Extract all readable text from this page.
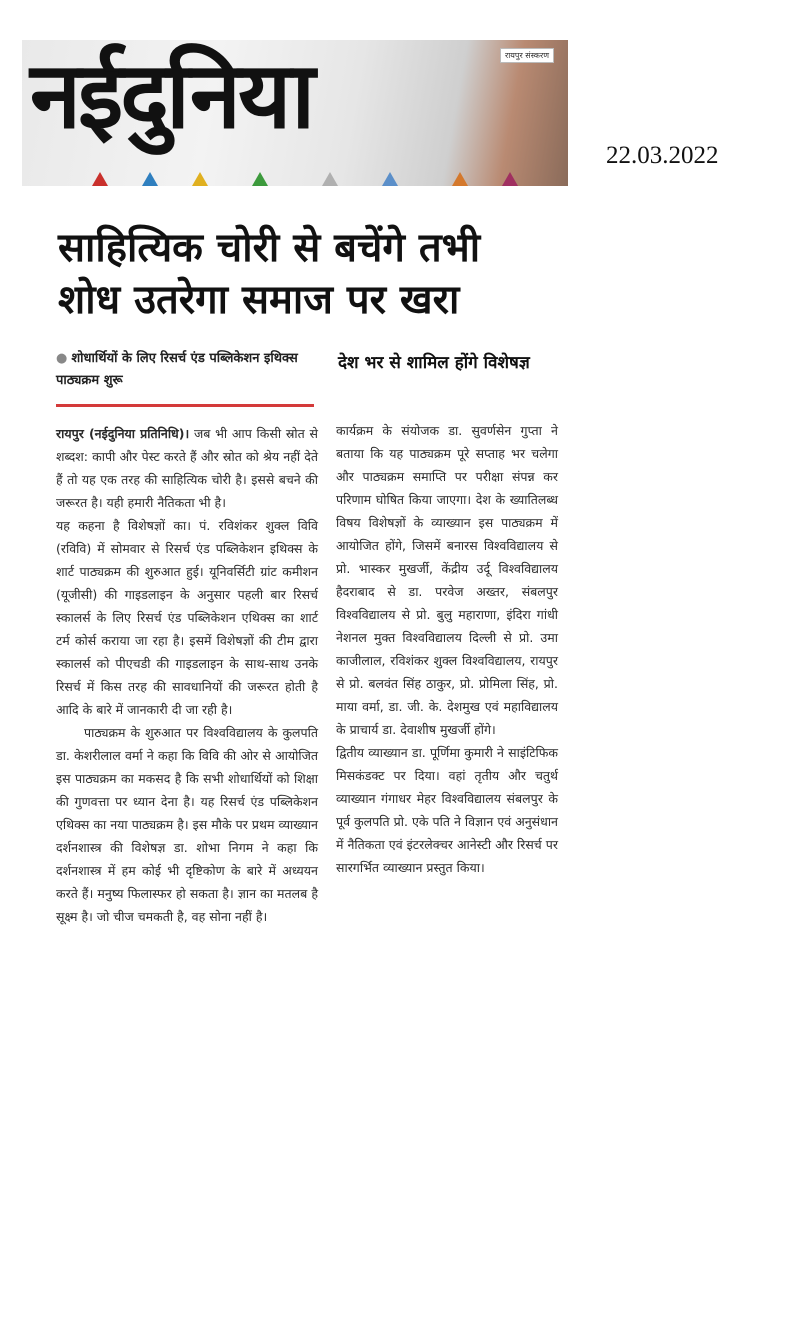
रायपुर संस्करण
नईदुनिया
22.03.2022
साहित्यिक चोरी से बचेंगे तभी शोध उतरेगा समाज पर खरा
● शोधार्थियों के लिए रिसर्च एंड पब्लिकेशन इथिक्स पाठ्यक्रम शुरू
देश भर से शामिल होंगे विशेषज्ञ

रायपुर (नईदुनिया प्रतिनिधि)। जब भी आप किसी स्रोत से शब्दश: कापी और पेस्ट करते हैं और स्रोत को श्रेय नहीं देते हैं तो यह एक तरह की साहित्यिक चोरी है। इससे बचने की जरूरत है। यही हमारी नैतिकता भी है।

यह कहना है विशेषज्ञों का। पं. रविशंकर शुक्ल विवि (रविवि) में सोमवार से रिसर्च एंड पब्लिकेशन इथिक्स के शार्ट पाठ्यक्रम की शुरुआत हुई। यूनिवर्सिटी ग्रांट कमीशन (यूजीसी) की गाइडलाइन के अनुसार पहली बार रिसर्च स्कालर्स के लिए रिसर्च एंड पब्लिकेशन एथिक्स का शार्ट टर्म कोर्स कराया जा रहा है। इसमें विशेषज्ञों की टीम द्वारा स्कालर्स को पीएचडी की गाइडलाइन के साथ-साथ उनके रिसर्च में किस तरह की सावधानियों की जरूरत होती है आदि के बारे में जानकारी दी जा रही है।

पाठ्यक्रम के शुरुआत पर विश्वविद्यालय के कुलपति डा. केशरीलाल वर्मा ने कहा कि विवि की ओर से आयोजित इस पाठ्यक्रम का मकसद है कि सभी शोधार्थियों को शिक्षा की गुणवत्ता पर ध्यान देना है। यह रिसर्च एंड पब्लिकेशन एथिक्स का नया पाठ्यक्रम है। इस मौके पर प्रथम व्याख्यान दर्शनशास्त्र की विशेषज्ञ डा. शोभा निगम ने कहा कि दर्शनशास्त्र में हम कोई भी दृष्टिकोण के बारे में अध्ययन करते हैं। मनुष्य फिलास्फर हो सकता है। ज्ञान का मतलब है सूक्ष्म है। जो चीज चमकती है, वह सोना नहीं है।

कार्यक्रम के संयोजक डा. सुवर्णसेन गुप्ता ने बताया कि यह पाठ्यक्रम पूरे सप्ताह भर चलेगा और पाठ्यक्रम समाप्ति पर परीक्षा संपन्न कर परिणाम घोषित किया जाएगा। देश के ख्यातिलब्ध विषय विशेषज्ञों के व्याख्यान इस पाठ्यक्रम में आयोजित होंगे, जिसमें बनारस विश्वविद्यालय से प्रो. भास्कर मुखर्जी, केंद्रीय उर्दू विश्वविद्यालय हैदराबाद से डा. परवेज अख्तर, संबलपुर विश्वविद्यालय से प्रो. बुलु महाराणा, इंदिरा गांधी नेशनल मुक्त विश्वविद्यालय दिल्ली से प्रो. उमा काजीलाल, रविशंकर शुक्ल विश्वविद्यालय, रायपुर से प्रो. बलवंत सिंह ठाकुर, प्रो. प्रोमिला सिंह, प्रो. माया वर्मा, डा. जी. के. देशमुख एवं महाविद्यालय के प्राचार्य डा. देवाशीष मुखर्जी होंगे।

द्वितीय व्याख्यान डा. पूर्णिमा कुमारी ने साइंटिफिक मिसकंडक्ट पर दिया। वहां तृतीय और चतुर्थ व्याख्यान गंगाधर मेहर विश्वविद्यालय संबलपुर के पूर्व कुलपति प्रो. एके पति ने विज्ञान एवं अनुसंधान में नैतिकता एवं इंटरलेक्चर आनेस्टी और रिसर्च पर सारगर्भित व्याख्यान प्रस्तुत किया।
